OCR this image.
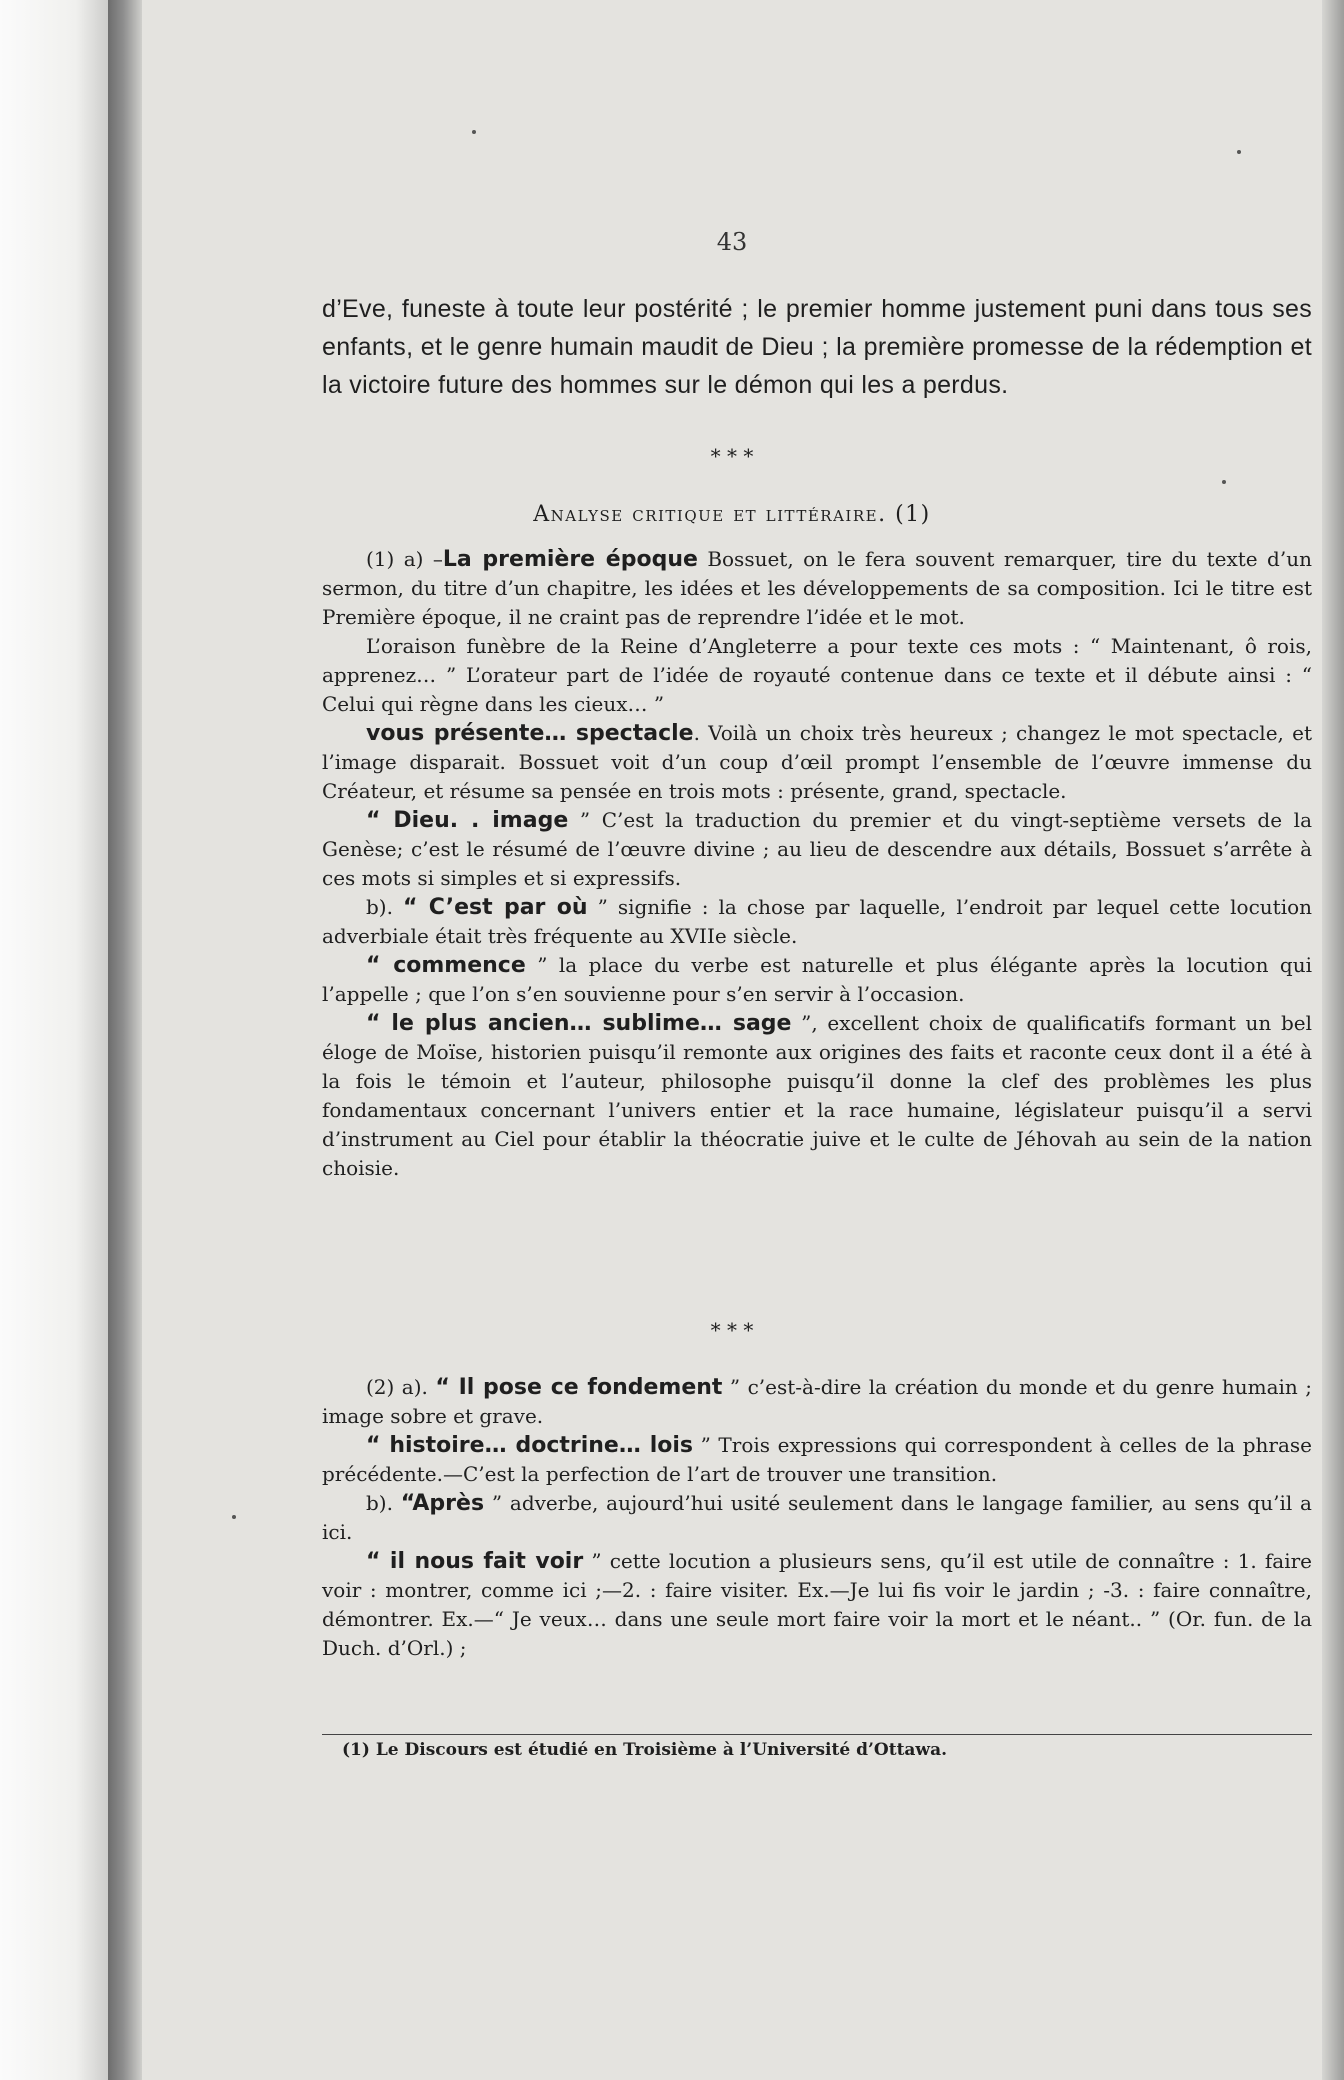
43
d’Eve, funeste à toute leur postérité ; le premier homme justement puni dans tous ses enfants, et le genre humain maudit de Dieu ; la première promesse de la rédemption et la victoire future des hommes sur le démon qui les a perdus.
* * *
Analyse critique et littéraire. (1)

(1) a) –La première époque Bossuet, on le fera souvent remarquer, tire du texte d’un sermon, du titre d’un chapitre, les idées et les développements de sa composition. Ici le titre est Première époque, il ne craint pas de reprendre l’idée et le mot.

L’oraison funèbre de la Reine d’Angleterre a pour texte ces mots : “ Maintenant, ô rois, apprenez… ” L’orateur part de l’idée de royauté contenue dans ce texte et il débute ainsi : “ Celui qui règne dans les cieux… ”

vous présente… spectacle. Voilà un choix très heureux ; changez le mot spectacle, et l’image disparait. Bossuet voit d’un coup d’œil prompt l’ensemble de l’œuvre immense du Créateur, et résume sa pensée en trois mots : présente, grand, spectacle.

“ Dieu. . image ” C’est la traduction du premier et du vingt-septième versets de la Genèse; c’est le résumé de l’œuvre divine ; au lieu de descendre aux détails, Bossuet s’arrête à ces mots si simples et si expressifs.

b). “ C’est par où ” signifie : la chose par laquelle, l’endroit par lequel cette locution adverbiale était très fréquente au XVIIe siècle.

“ commence ” la place du verbe est naturelle et plus élégante après la locution qui l’appelle ; que l’on s’en souvienne pour s’en servir à l’occasion.

“ le plus ancien… sublime… sage ”, excellent choix de qualificatifs formant un bel éloge de Moïse, historien puisqu’il remonte aux origines des faits et raconte ceux dont il a été à la fois le témoin et l’auteur, philosophe puisqu’il donne la clef des problèmes les plus fondamentaux concernant l’univers entier et la race humaine, législateur puisqu’il a servi d’instrument au Ciel pour établir la théocratie juive et le culte de Jéhovah au sein de la nation choisie.

* * *

(2) a). “ Il pose ce fondement ” c’est-à-dire la création du monde et du genre humain ; image sobre et grave.

“ histoire… doctrine… lois ” Trois expressions qui correspondent à celles de la phrase précédente.—C’est la perfection de l’art de trouver une transition.

b). “Après ” adverbe, aujourd’hui usité seulement dans le langage familier, au sens qu’il a ici.

“ il nous fait voir ” cette locution a plusieurs sens, qu’il est utile de connaître : 1. faire voir : montrer, comme ici ;—2. : faire visiter. Ex.—Je lui fis voir le jardin ; -3. : faire connaître, démontrer. Ex.—“ Je veux… dans une seule mort faire voir la mort et le néant.. ” (Or. fun. de la Duch. d’Orl.) ;

(1) Le Discours est étudié en Troisième à l’Université d’Ottawa.
